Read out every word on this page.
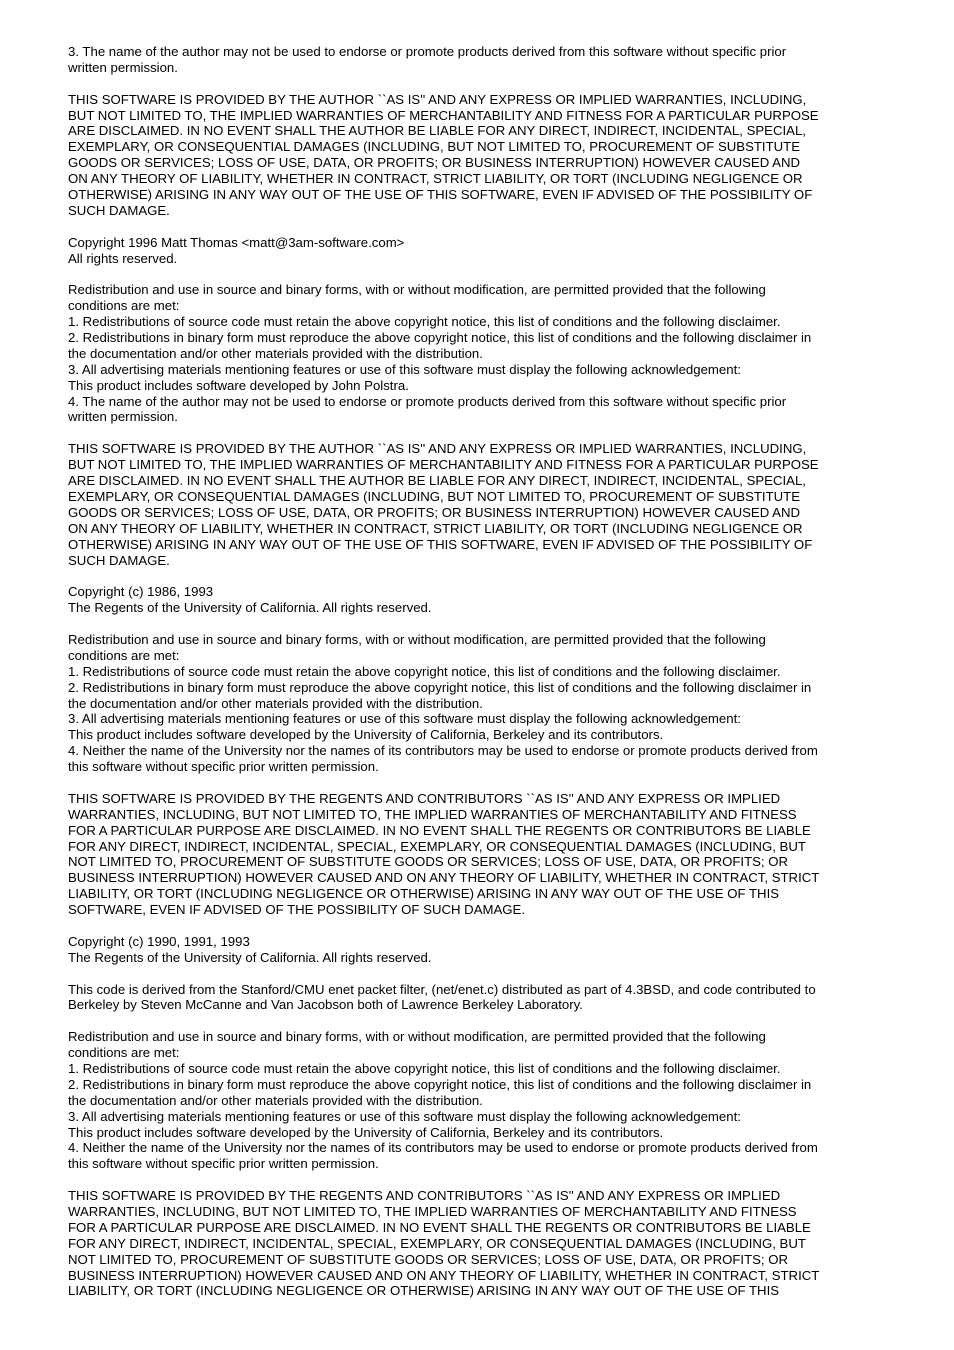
3. The name of the author may not be used to endorse or promote products derived from this software without specific prior
written permission.
THIS SOFTWARE IS PROVIDED BY THE AUTHOR ``AS IS'' AND ANY EXPRESS OR IMPLIED WARRANTIES, INCLUDING,
BUT NOT LIMITED TO, THE IMPLIED WARRANTIES OF MERCHANTABILITY AND FITNESS FOR A PARTICULAR PURPOSE
ARE DISCLAIMED. IN NO EVENT SHALL THE AUTHOR BE LIABLE FOR ANY DIRECT, INDIRECT, INCIDENTAL, SPECIAL,
EXEMPLARY, OR CONSEQUENTIAL DAMAGES (INCLUDING, BUT NOT LIMITED TO, PROCUREMENT OF SUBSTITUTE
GOODS OR SERVICES; LOSS OF USE, DATA, OR PROFITS; OR BUSINESS INTERRUPTION) HOWEVER CAUSED AND
ON ANY THEORY OF LIABILITY, WHETHER IN CONTRACT, STRICT LIABILITY, OR TORT (INCLUDING NEGLIGENCE OR
OTHERWISE) ARISING IN ANY WAY OUT OF THE USE OF THIS SOFTWARE, EVEN IF ADVISED OF THE POSSIBILITY OF
SUCH DAMAGE.
Copyright 1996 Matt Thomas <matt@3am-software.com>
All rights reserved.
Redistribution and use in source and binary forms, with or without modification, are permitted provided that the following
conditions are met:
1. Redistributions of source code must retain the above copyright notice, this list of conditions and the following disclaimer.
2. Redistributions in binary form must reproduce the above copyright notice, this list of conditions and the following disclaimer in
the documentation and/or other materials provided with the distribution.
3. All advertising materials mentioning features or use of this software must display the following acknowledgement:
This product includes software developed by John Polstra.
4. The name of the author may not be used to endorse or promote products derived from this software without specific prior
written permission.
THIS SOFTWARE IS PROVIDED BY THE AUTHOR ``AS IS'' AND ANY EXPRESS OR IMPLIED WARRANTIES, INCLUDING,
BUT NOT LIMITED TO, THE IMPLIED WARRANTIES OF MERCHANTABILITY AND FITNESS FOR A PARTICULAR PURPOSE
ARE DISCLAIMED. IN NO EVENT SHALL THE AUTHOR BE LIABLE FOR ANY DIRECT, INDIRECT, INCIDENTAL, SPECIAL,
EXEMPLARY, OR CONSEQUENTIAL DAMAGES (INCLUDING, BUT NOT LIMITED TO, PROCUREMENT OF SUBSTITUTE
GOODS OR SERVICES; LOSS OF USE, DATA, OR PROFITS; OR BUSINESS INTERRUPTION) HOWEVER CAUSED AND
ON ANY THEORY OF LIABILITY, WHETHER IN CONTRACT, STRICT LIABILITY, OR TORT (INCLUDING NEGLIGENCE OR
OTHERWISE) ARISING IN ANY WAY OUT OF THE USE OF THIS SOFTWARE, EVEN IF ADVISED OF THE POSSIBILITY OF
SUCH DAMAGE.
Copyright (c) 1986, 1993
The Regents of the University of California. All rights reserved.
Redistribution and use in source and binary forms, with or without modification, are permitted provided that the following
conditions are met:
1. Redistributions of source code must retain the above copyright notice, this list of conditions and the following disclaimer.
2. Redistributions in binary form must reproduce the above copyright notice, this list of conditions and the following disclaimer in
the documentation and/or other materials provided with the distribution.
3. All advertising materials mentioning features or use of this software must display the following acknowledgement:
This product includes software developed by the University of California, Berkeley and its contributors.
4. Neither the name of the University nor the names of its contributors may be used to endorse or promote products derived from
this software without specific prior written permission.
THIS SOFTWARE IS PROVIDED BY THE REGENTS AND CONTRIBUTORS ``AS IS'' AND ANY EXPRESS OR IMPLIED
WARRANTIES, INCLUDING, BUT NOT LIMITED TO, THE IMPLIED WARRANTIES OF MERCHANTABILITY AND FITNESS
FOR A PARTICULAR PURPOSE ARE DISCLAIMED. IN NO EVENT SHALL THE REGENTS OR CONTRIBUTORS BE LIABLE
FOR ANY DIRECT, INDIRECT, INCIDENTAL, SPECIAL, EXEMPLARY, OR CONSEQUENTIAL DAMAGES (INCLUDING, BUT
NOT LIMITED TO, PROCUREMENT OF SUBSTITUTE GOODS OR SERVICES; LOSS OF USE, DATA, OR PROFITS; OR
BUSINESS INTERRUPTION) HOWEVER CAUSED AND ON ANY THEORY OF LIABILITY, WHETHER IN CONTRACT, STRICT
LIABILITY, OR TORT (INCLUDING NEGLIGENCE OR OTHERWISE) ARISING IN ANY WAY OUT OF THE USE OF THIS
SOFTWARE, EVEN IF ADVISED OF THE POSSIBILITY OF SUCH DAMAGE.
Copyright (c) 1990, 1991, 1993
The Regents of the University of California. All rights reserved.
This code is derived from the Stanford/CMU enet packet filter, (net/enet.c) distributed as part of 4.3BSD, and code contributed to
Berkeley by Steven McCanne and Van Jacobson both of Lawrence Berkeley Laboratory.
Redistribution and use in source and binary forms, with or without modification, are permitted provided that the following
conditions are met:
1. Redistributions of source code must retain the above copyright notice, this list of conditions and the following disclaimer.
2. Redistributions in binary form must reproduce the above copyright notice, this list of conditions and the following disclaimer in
the documentation and/or other materials provided with the distribution.
3. All advertising materials mentioning features or use of this software must display the following acknowledgement:
This product includes software developed by the University of California, Berkeley and its contributors.
4. Neither the name of the University nor the names of its contributors may be used to endorse or promote products derived from
this software without specific prior written permission.
THIS SOFTWARE IS PROVIDED BY THE REGENTS AND CONTRIBUTORS ``AS IS'' AND ANY EXPRESS OR IMPLIED
WARRANTIES, INCLUDING, BUT NOT LIMITED TO, THE IMPLIED WARRANTIES OF MERCHANTABILITY AND FITNESS
FOR A PARTICULAR PURPOSE ARE DISCLAIMED. IN NO EVENT SHALL THE REGENTS OR CONTRIBUTORS BE LIABLE
FOR ANY DIRECT, INDIRECT, INCIDENTAL, SPECIAL, EXEMPLARY, OR CONSEQUENTIAL DAMAGES (INCLUDING, BUT
NOT LIMITED TO, PROCUREMENT OF SUBSTITUTE GOODS OR SERVICES; LOSS OF USE, DATA, OR PROFITS; OR
BUSINESS INTERRUPTION) HOWEVER CAUSED AND ON ANY THEORY OF LIABILITY, WHETHER IN CONTRACT, STRICT
LIABILITY, OR TORT (INCLUDING NEGLIGENCE OR OTHERWISE) ARISING IN ANY WAY OUT OF THE USE OF THIS
